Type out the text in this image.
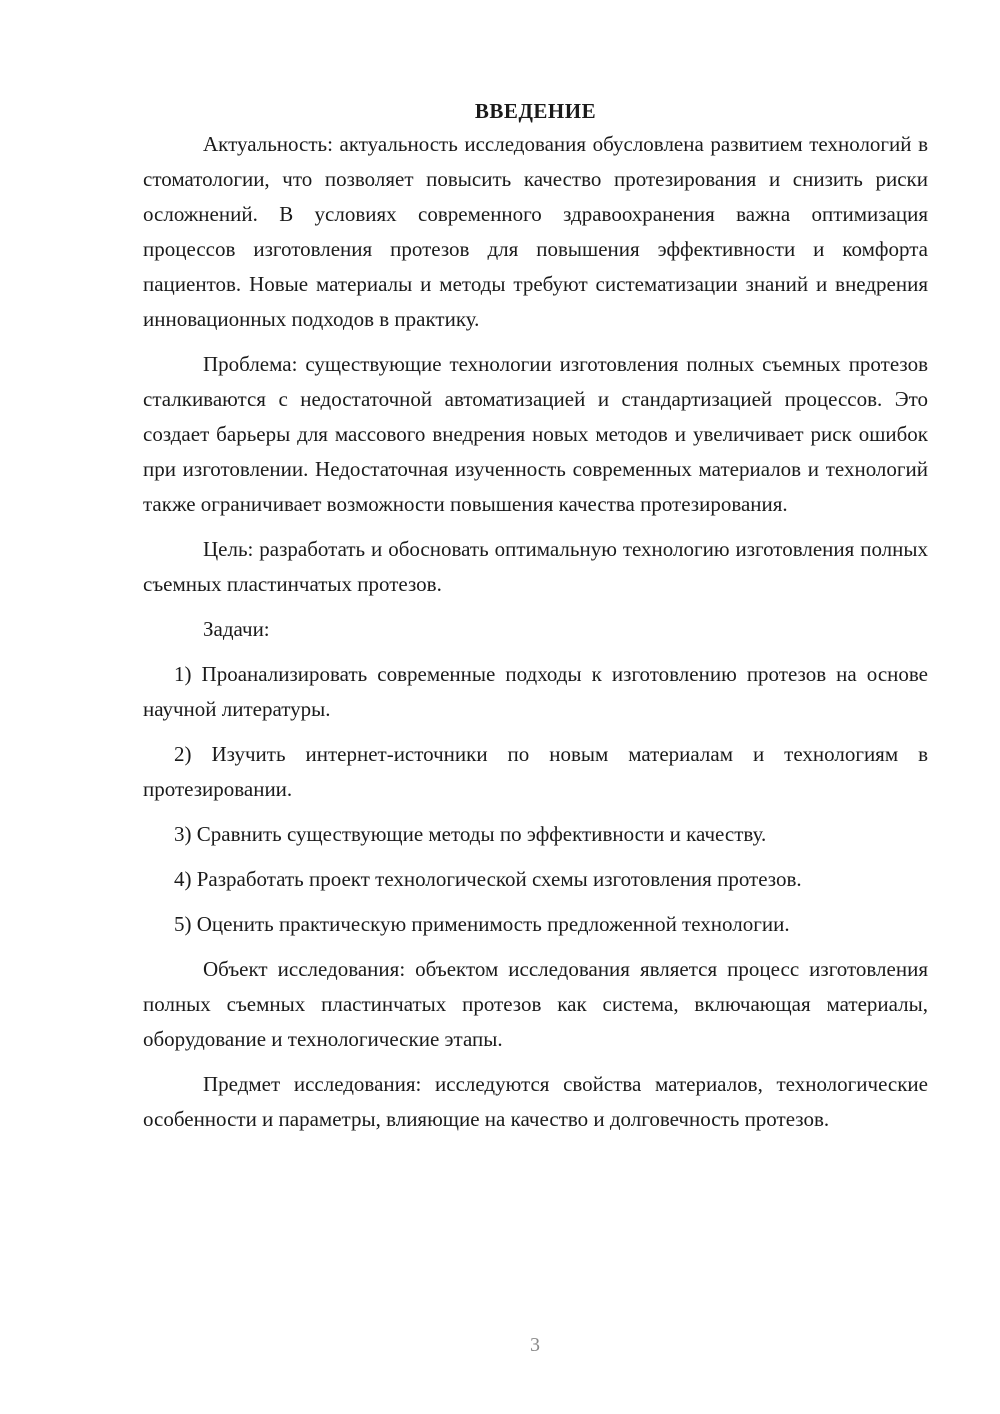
ВВЕДЕНИЕ

Актуальность: актуальность исследования обусловлена развитием технологий в стоматологии, что позволяет повысить качество протезирования и снизить риски осложнений. В условиях современного здравоохранения важна оптимизация процессов изготовления протезов для повышения эффективности и комфорта пациентов. Новые материалы и методы требуют систематизации знаний и внедрения инновационных подходов в практику.

Проблема: существующие технологии изготовления полных съемных протезов сталкиваются с недостаточной автоматизацией и стандартизацией процессов. Это создает барьеры для массового внедрения новых методов и увеличивает риск ошибок при изготовлении. Недостаточная изученность современных материалов и технологий также ограничивает возможности повышения качества протезирования.

Цель: разработать и обосновать оптимальную технологию изготовления полных съемных пластинчатых протезов.

Задачи:

1) Проанализировать современные подходы к изготовлению протезов на основе научной литературы.

2) Изучить интернет-источники по новым материалам и технологиям в протезировании.

3) Сравнить существующие методы по эффективности и качеству.

4) Разработать проект технологической схемы изготовления протезов.

5) Оценить практическую применимость предложенной технологии.

Объект исследования: объектом исследования является процесс изготовления полных съемных пластинчатых протезов как система, включающая материалы, оборудование и технологические этапы.

Предмет исследования: исследуются свойства материалов, технологические особенности и параметры, влияющие на качество и долговечность протезов.

3
